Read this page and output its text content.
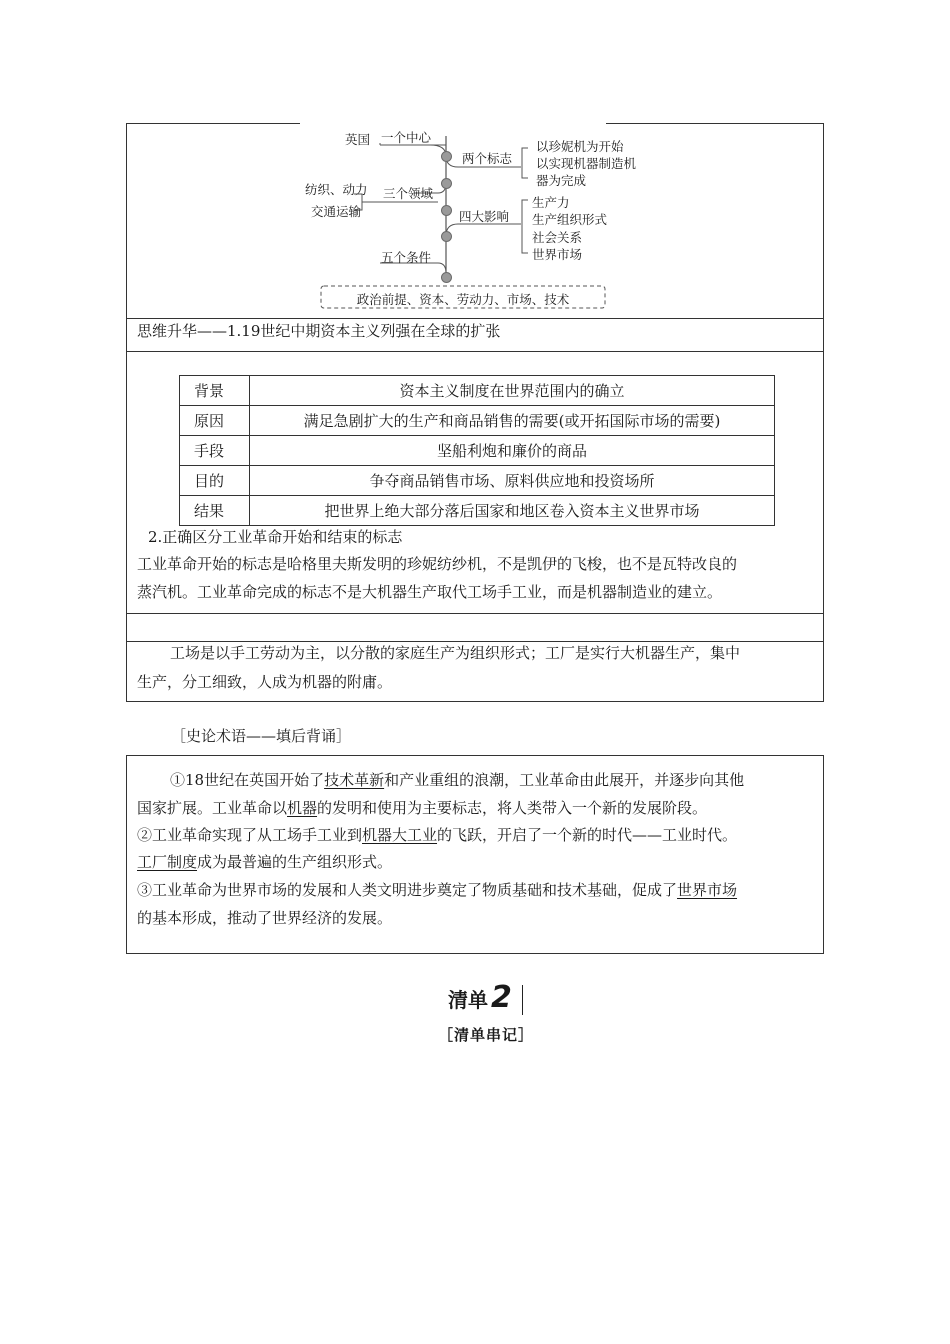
英国 一个中心
两个标志
以珍妮机为开始
以实现机器制造机
器为完成
纺织、动力
交通运输
三个领域
四大影响
生产力
生产组织形式
社会关系
世界市场
五个条件
政治前提、资本、劳动力、市场、技术
思维升华——1.19世纪中期资本主义列强在全球的扩张
背景	资本主义制度在世界范围内的确立
原因	满足急剧扩大的生产和商品销售的需要(或开拓国际市场的需要)
手段	坚船利炮和廉价的商品
目的	争夺商品销售市场、原料供应地和投资场所
结果	把世界上绝大部分落后国家和地区卷入资本主义世界市场
2.正确区分工业革命开始和结束的标志
工业革命开始的标志是哈格里夫斯发明的珍妮纺纱机，不是凯伊的飞梭，也不是瓦特改良的
蒸汽机。工业革命完成的标志不是大机器生产取代工场手工业，而是机器制造业的建立。
工场是以手工劳动为主，以分散的家庭生产为组织形式；工厂是实行大机器生产，集中
生产，分工细致，人成为机器的附庸。
［史论术语——填后背诵］
①18世纪在英国开始了技术革新和产业重组的浪潮，工业革命由此展开，并逐步向其他
国家扩展。工业革命以机器的发明和使用为主要标志，将人类带入一个新的发展阶段。
②工业革命实现了从工场手工业到机器大工业的飞跃，开启了一个新的时代——工业时代。
工厂制度成为最普遍的生产组织形式。
③工业革命为世界市场的发展和人类文明进步奠定了物质基础和技术基础，促成了世界市场
的基本形成，推动了世界经济的发展。
清单 2
［清单串记］
